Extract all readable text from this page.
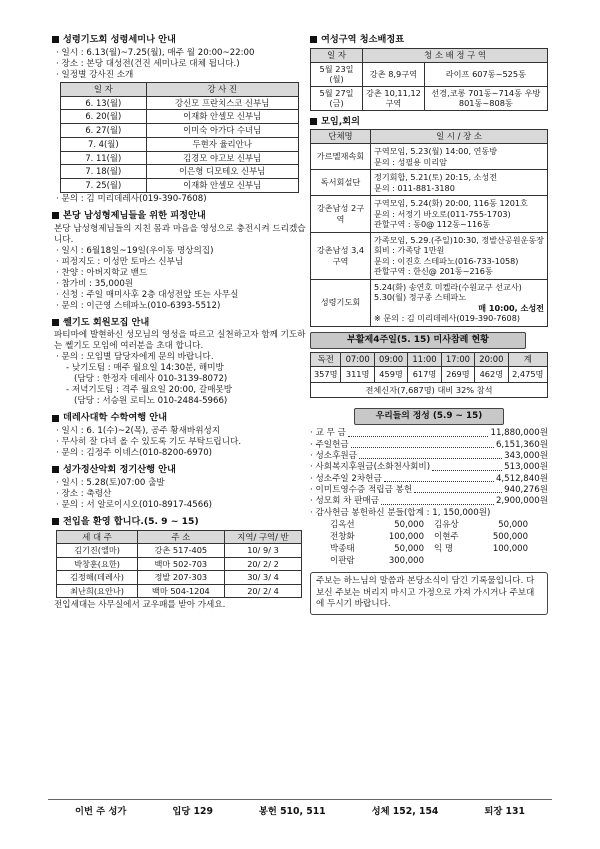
성령기도회 성령세미나 안내
· 일시 : 6.13(월)~7.25(월), 매주 월 20:00~22:00
· 장소 : 본당 대성전(건진 세미나로 대체 됩니다.)
· 일정별 강사진 소개
일 자	강 사 진
6. 13(월)	강신모 프란치스코 신부님
6. 20(월)	이재화 안셀모 신부님
6. 27(월)	이미숙 아가다 수녀님
7. 4(월)	두현자 율리안나
7. 11(월)	김경모 야고보 신부님
7. 18(월)	이은형 디모테오 신부님
7. 25(월)	이재화 안셀모 신부님
· 문의 : 김 미리데레사(019-390-7608)
본당 남성형제님들을 위한 피정안내
본당 남성형제님들의 지친 몸과 마음을 영성으로 충전시켜 드리겠습니다.
· 일시 : 6월18일~19일(우이동 명상의집)
· 피정지도 : 이성만 토마스 신부님
· 찬양 : 아버지학교 밴드
· 참가비 : 35,000원
· 신청 : 주일 매미사후 2층 대성전앞 또는 사무실
· 문의 : 이근영 스테파노(010-6393-5512)
쎌기도 회원모집 안내
파티마에 발현하신 성모님의 영성을 따르고 실천하고자 함께 기도하는 쎌기도 모임에 여러분을 초대 합니다.
· 문의 : 모임별 담당자에게 문의 바랍니다.
- 낮기도팀 : 매주 월요일 14:30분, 해미방
(담당 : 한정자 데레사 010-3139-8072)
- 저녁기도팀 : 격주 월요일 20:00, 갈매못방
(담당 : 서승원 로티노 010-2484-5966)
데레사대학 수학여행 안내
· 일시 : 6. 1(수)~2(목), 공주 황새바위성지
· 무사히 잘 다녀 올 수 있도록 기도 부탁드립니다.
· 문의 : 김정주 이네스(010-8200-6970)
성가정산악회 정기산행 안내
· 일시 : 5.28(토)07:00 출발
· 장소 : 축령산
· 문의 : 서 알로이시오(010-8917-4566)
전입을 환영 합니다.(5. 9 ~ 15)
세 대 주	주 소	지역/ 구역/ 반
김기진(엘마)	강촌 517-405	10/ 9/ 3
박창훈(요한)	백마 502-703	20/ 2/ 2
김정해(데레사)	정발 207-303	30/ 3/ 4
최난희(요안나)	백마 504-1204	20/ 2/ 4
전입세대는 사무실에서 교우패를 받아 가세요.
여성구역 청소배정표
일 자	청 소 배 정 구 역	
5월 23일(월)	강촌 8,9구역	라이프 607동~525동
5월 27일(금)	강촌 10,11,12구역	선경,코롱 701동~714동 우방 801동~808동
모임,회의
단체명	일 시 / 장 소
가르멜재속회	구역모임, 5.23(월) 14:00, 연동방
문의 : 성필용 미리암

독서회설단	정기회합, 5.21(토) 20:15, 소성전
문의 : 011-881-3180

강촌남성 2구역	구역모임, 5.24(화) 20:00, 116동 1201호
문의 : 서정기 바오로(011-755-1703)
관할구역 : 동0@ 112동~116동

강촌남성 3,4구역	가족모임, 5.29.(주일)10:30, 정발산공원운동장
회비 : 가족당 1만원
문의 : 이진호 스테파노(016-733-1058)
관할구역 : 한신@ 201동~216동

성령기도회	5.24(화) 송연호 미켈라(수원교구 선교사)
5.30(월) 정구종 스테파노
매 10:00, 소성전
※ 문의 : 김 미리데레사(019-390-7608)
부활제4주일(5. 15) 미사참례 현황
독전	07:00	09:00	11:00	17:00	20:00	계
357명	311명	459명	617명	269명	462명	2,475명
전체신자(7,687명) 대비 32% 참석						
우리들의 정성 (5.9 ~ 15)
· 교 무 금	11,880,000원
· 주일헌금	6,151,360원
· 성소후원금	343,000원
· 사회복지후원금(소화천사회비)	513,000원
· 성소주일 2차헌금	4,512,840원
· 이미트영수증 적립금 봉헌	940,276원
· 성모회 차 판매금	2,900,000원
· 감사헌금 봉헌하신 분들(합계 : 1, 150,000원)
김옥선	50,000 김유상	50,000
전창화	100,000 이현주	500,000
박종태	50,000 익 명	100,000
이판람	300,000
주보는 하느님의 말씀과 본당소식이 담긴 기록물입니다. 다 보신 주보는 버리지 마시고 가정으로 가져 가시거나 주보대에 두시기 바랍니다.
이번 주 성가	입당 129	봉헌 510, 511	성체 152, 154	퇴장 131
